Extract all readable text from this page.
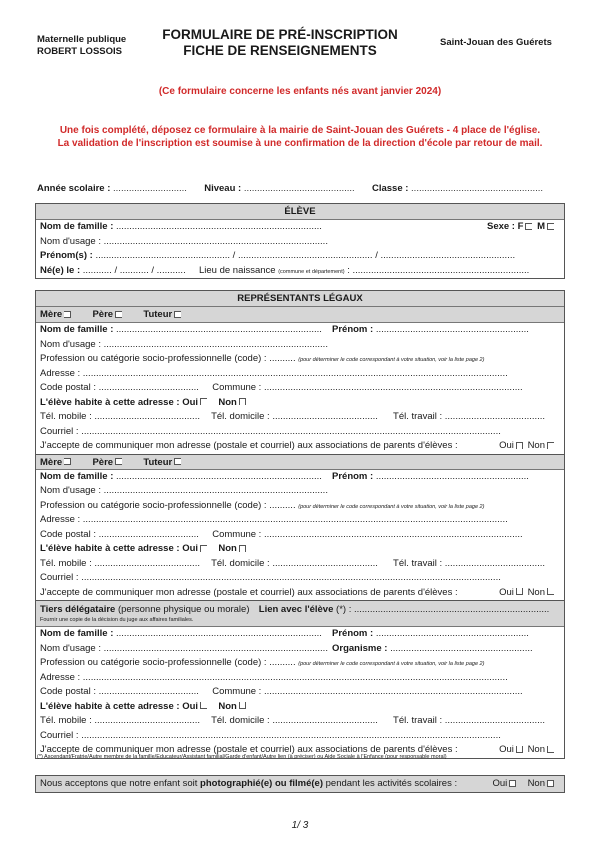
Maternelle publique
ROBERT LOSSOIS
FORMULAIRE DE PRÉ-INSCRIPTION
FICHE DE RENSEIGNEMENTS
Saint-Jouan des Guérets
(Ce formulaire concerne les enfants nés avant janvier 2024)
Une fois complété, déposez ce formulaire à la mairie de Saint-Jouan des Guérets - 4 place de l'église.
La validation de l'inscription est soumise à une confirmation de la direction d'école par retour de mail.
Année scolaire : ............................ Niveau : .......................................... Classe : ..................................................
ÉLÈVE
Nom de famille : ..............................................................................	Sexe : F M
Nom d'usage : .....................................................................................
Prénom(s) : ................................................... / ................................................... / ...................................................
Né(e) le : ........... / ........... / ........... Lieu de naissance (commune et département) : ...................................................................
REPRÉSENTANTS LÉGAUX
Mère	Père	Tuteur
Nom de famille : .............................................................................. Prénom : ..........................................................
Nom d'usage : .....................................................................................
Profession ou catégorie socio-professionnelle (code) : .......... (pour déterminer le code correspondant à votre situation, voir la liste page 2)
Adresse : .................................................................................................................................................................
Code postal : ...................................... Commune : ..................................................................................................
L'élève habite à cette adresse : Oui Non
Tél. mobile : ........................................ Tél. domicile : ........................................ Tél. travail : ......................................
Courriel : ...............................................................................................................................................................
J'accepte de communiquer mon adresse (postale et courriel) aux associations de parents d'élèves :	Oui Non
Mère	Père	Tuteur
Nom de famille : .............................................................................. Prénom : ..........................................................
Nom d'usage : .....................................................................................
Profession ou catégorie socio-professionnelle (code) : .......... (pour déterminer le code correspondant à votre situation, voir la liste page 2)
Adresse : .................................................................................................................................................................
Code postal : ...................................... Commune : ..................................................................................................
L'élève habite à cette adresse : Oui Non
Tél. mobile : ........................................ Tél. domicile : ........................................ Tél. travail : ......................................
Courriel : ...............................................................................................................................................................
J'accepte de communiquer mon adresse (postale et courriel) aux associations de parents d'élèves :	Oui Non
Tiers délégataire (personne physique ou morale) Lien avec l'élève (*) : ..........................................................................
Fournir une copie de la décision du juge aux affaires familiales.
Nom de famille : .............................................................................. Prénom : ..........................................................
Nom d'usage : ..................................................................................... Organisme : ......................................................
Profession ou catégorie socio-professionnelle (code) : .......... (pour déterminer le code correspondant à votre situation, voir la liste page 2)
Adresse : .................................................................................................................................................................
Code postal : ...................................... Commune : ..................................................................................................
L'élève habite à cette adresse : Oui Non
Tél. mobile : ........................................ Tél. domicile : ........................................ Tél. travail : ......................................
Courriel : ...............................................................................................................................................................
J'accepte de communiquer mon adresse (postale et courriel) aux associations de parents d'élèves :	Oui Non
(*) Ascendant/Fratrie/Autre membre de la famille/Educateur/Assistant familial/Garde d'enfant/Autre lien (à préciser) ou Aide Sociale à l'Enfance (pour responsable moral)
Nous acceptons que notre enfant soit photographié(e) ou filmé(e) pendant les activités scolaires :	Oui Non
1/ 3
